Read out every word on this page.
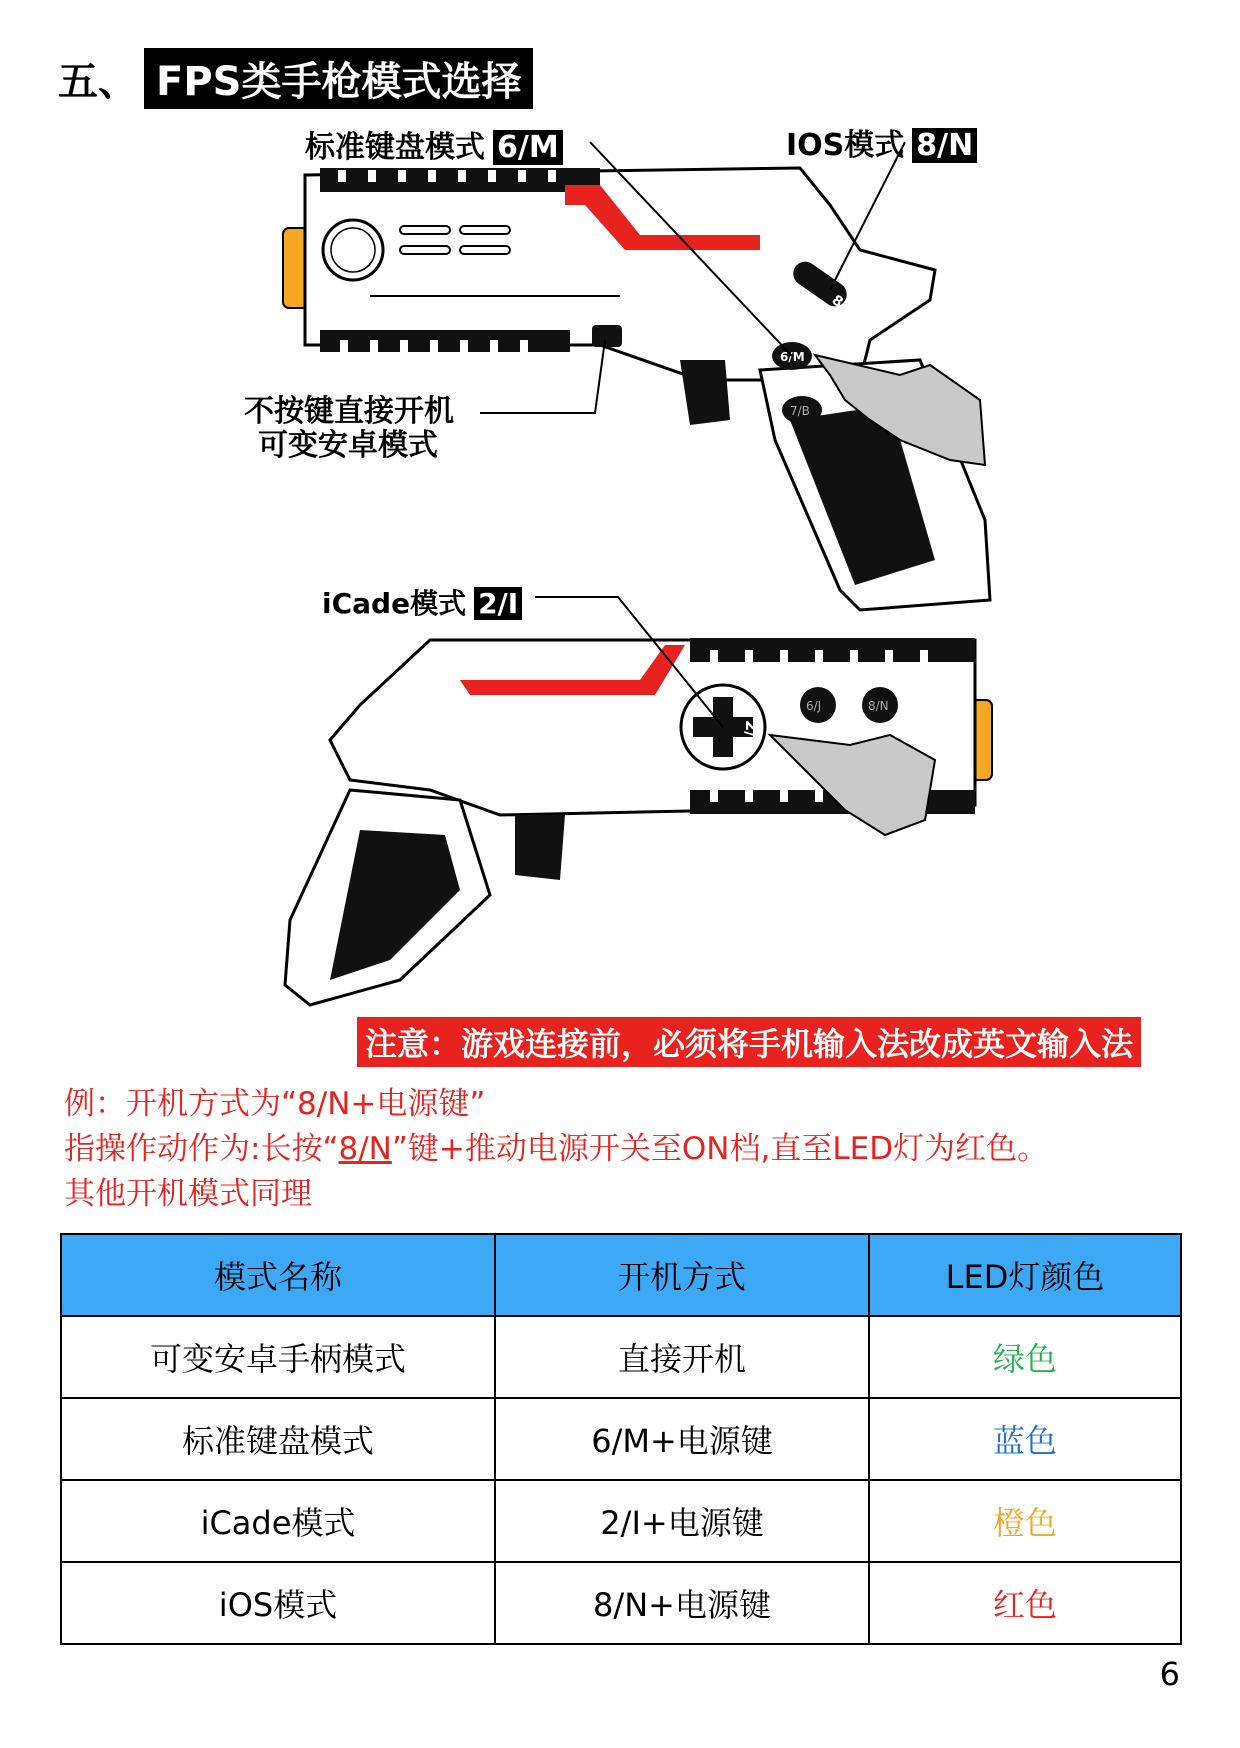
五、 FPS类手枪模式选择
8/N
6/M
7/B
2/I
6/J	8/N
标准键盘模式 6/M	IOS模式 8/N
不按键直接开机
可变安卓模式
iCade模式 2/I
注意：游戏连接前，必须将手机输入法改成英文输入法
例：开机方式为“8/N+电源键”
指操作动作为:长按“8/N”键+推动电源开关至ON档,直至LED灯为红色。
其他开机模式同理
模式名称	开机方式	LED灯颜色
可变安卓手柄模式	直接开机	绿色
标准键盘模式	6/M+电源键	蓝色
iCade模式	2/I+电源键	橙色
iOS模式	8/N+电源键	红色
6
